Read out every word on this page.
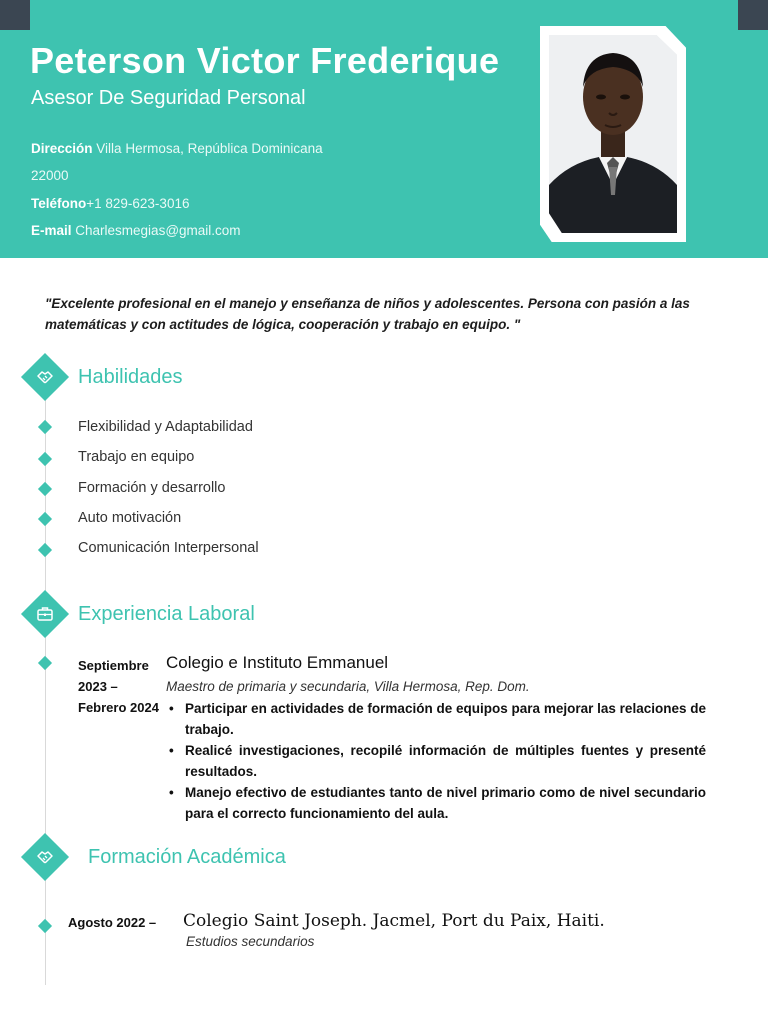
Peterson Victor Frederique
Asesor De Seguridad Personal
Dirección Villa Hermosa, República Dominicana
22000
Teléfono+1 829-623-3016
E-mail Charlesmegias@gmail.com
"Excelente profesional en el manejo y enseñanza de niños y adolescentes. Persona con pasión a las matemáticas y con actitudes de lógica, cooperación y trabajo en equipo. "
Habilidades
Flexibilidad y Adaptabilidad
Trabajo en equipo
Formación y desarrollo
Auto motivación
Comunicación Interpersonal
Experiencia Laboral
Septiembre
2023 –
Febrero 2024
Colegio e Instituto Emmanuel
Maestro de primaria y secundaria, Villa Hermosa, Rep. Dom.
• Participar en actividades de formación de equipos para mejorar las relaciones de trabajo.
• Realicé investigaciones, recopilé información de múltiples fuentes y presenté resultados.
• Manejo efectivo de estudiantes tanto de nivel primario como de nivel secundario para el correcto funcionamiento del aula.
Formación Académica
Agosto 2022 – Colegio Saint Joseph. Jacmel, Port du Paix, Haiti.
Estudios secundarios
